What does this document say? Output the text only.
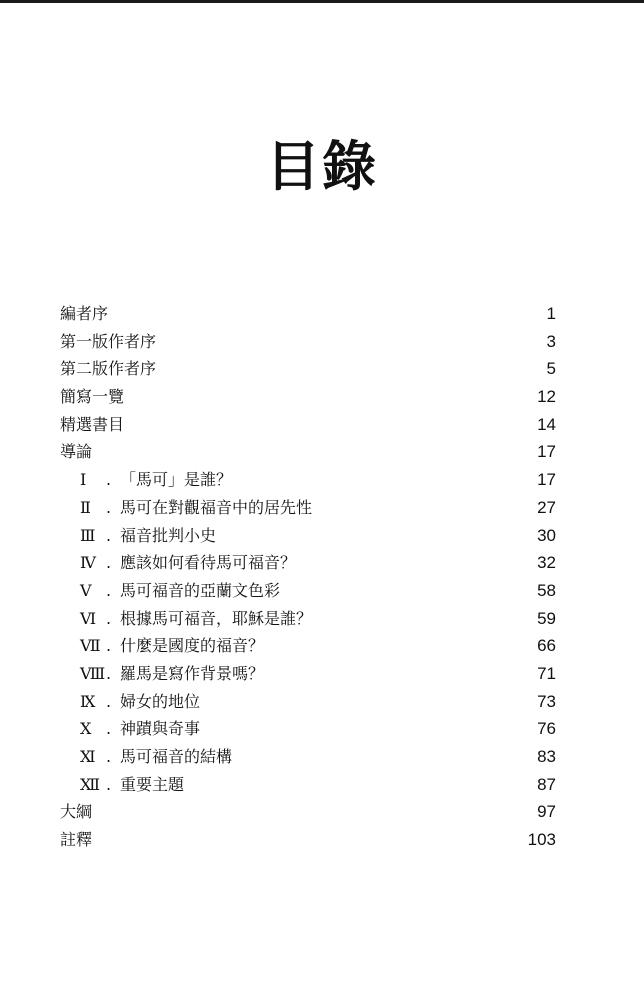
目錄
編者序	1
第一版作者序	3
第二版作者序	5
簡寫一覽	12
精選書目	14
導論	17
Ⅰ . 「馬可」是誰？	17
Ⅱ . 馬可在對觀福音中的居先性	27
Ⅲ . 福音批判小史	30
Ⅳ . 應該如何看待馬可福音？	32
Ⅴ . 馬可福音的亞蘭文色彩	58
Ⅵ . 根據馬可福音，耶穌是誰？	59
Ⅶ . 什麼是國度的福音？	66
Ⅷ. 羅馬是寫作背景嗎？	71
Ⅸ . 婦女的地位	73
Ⅹ . 神蹟與奇事	76
Ⅺ . 馬可福音的結構	83
Ⅻ . 重要主題	87
大綱	97
註釋	103
